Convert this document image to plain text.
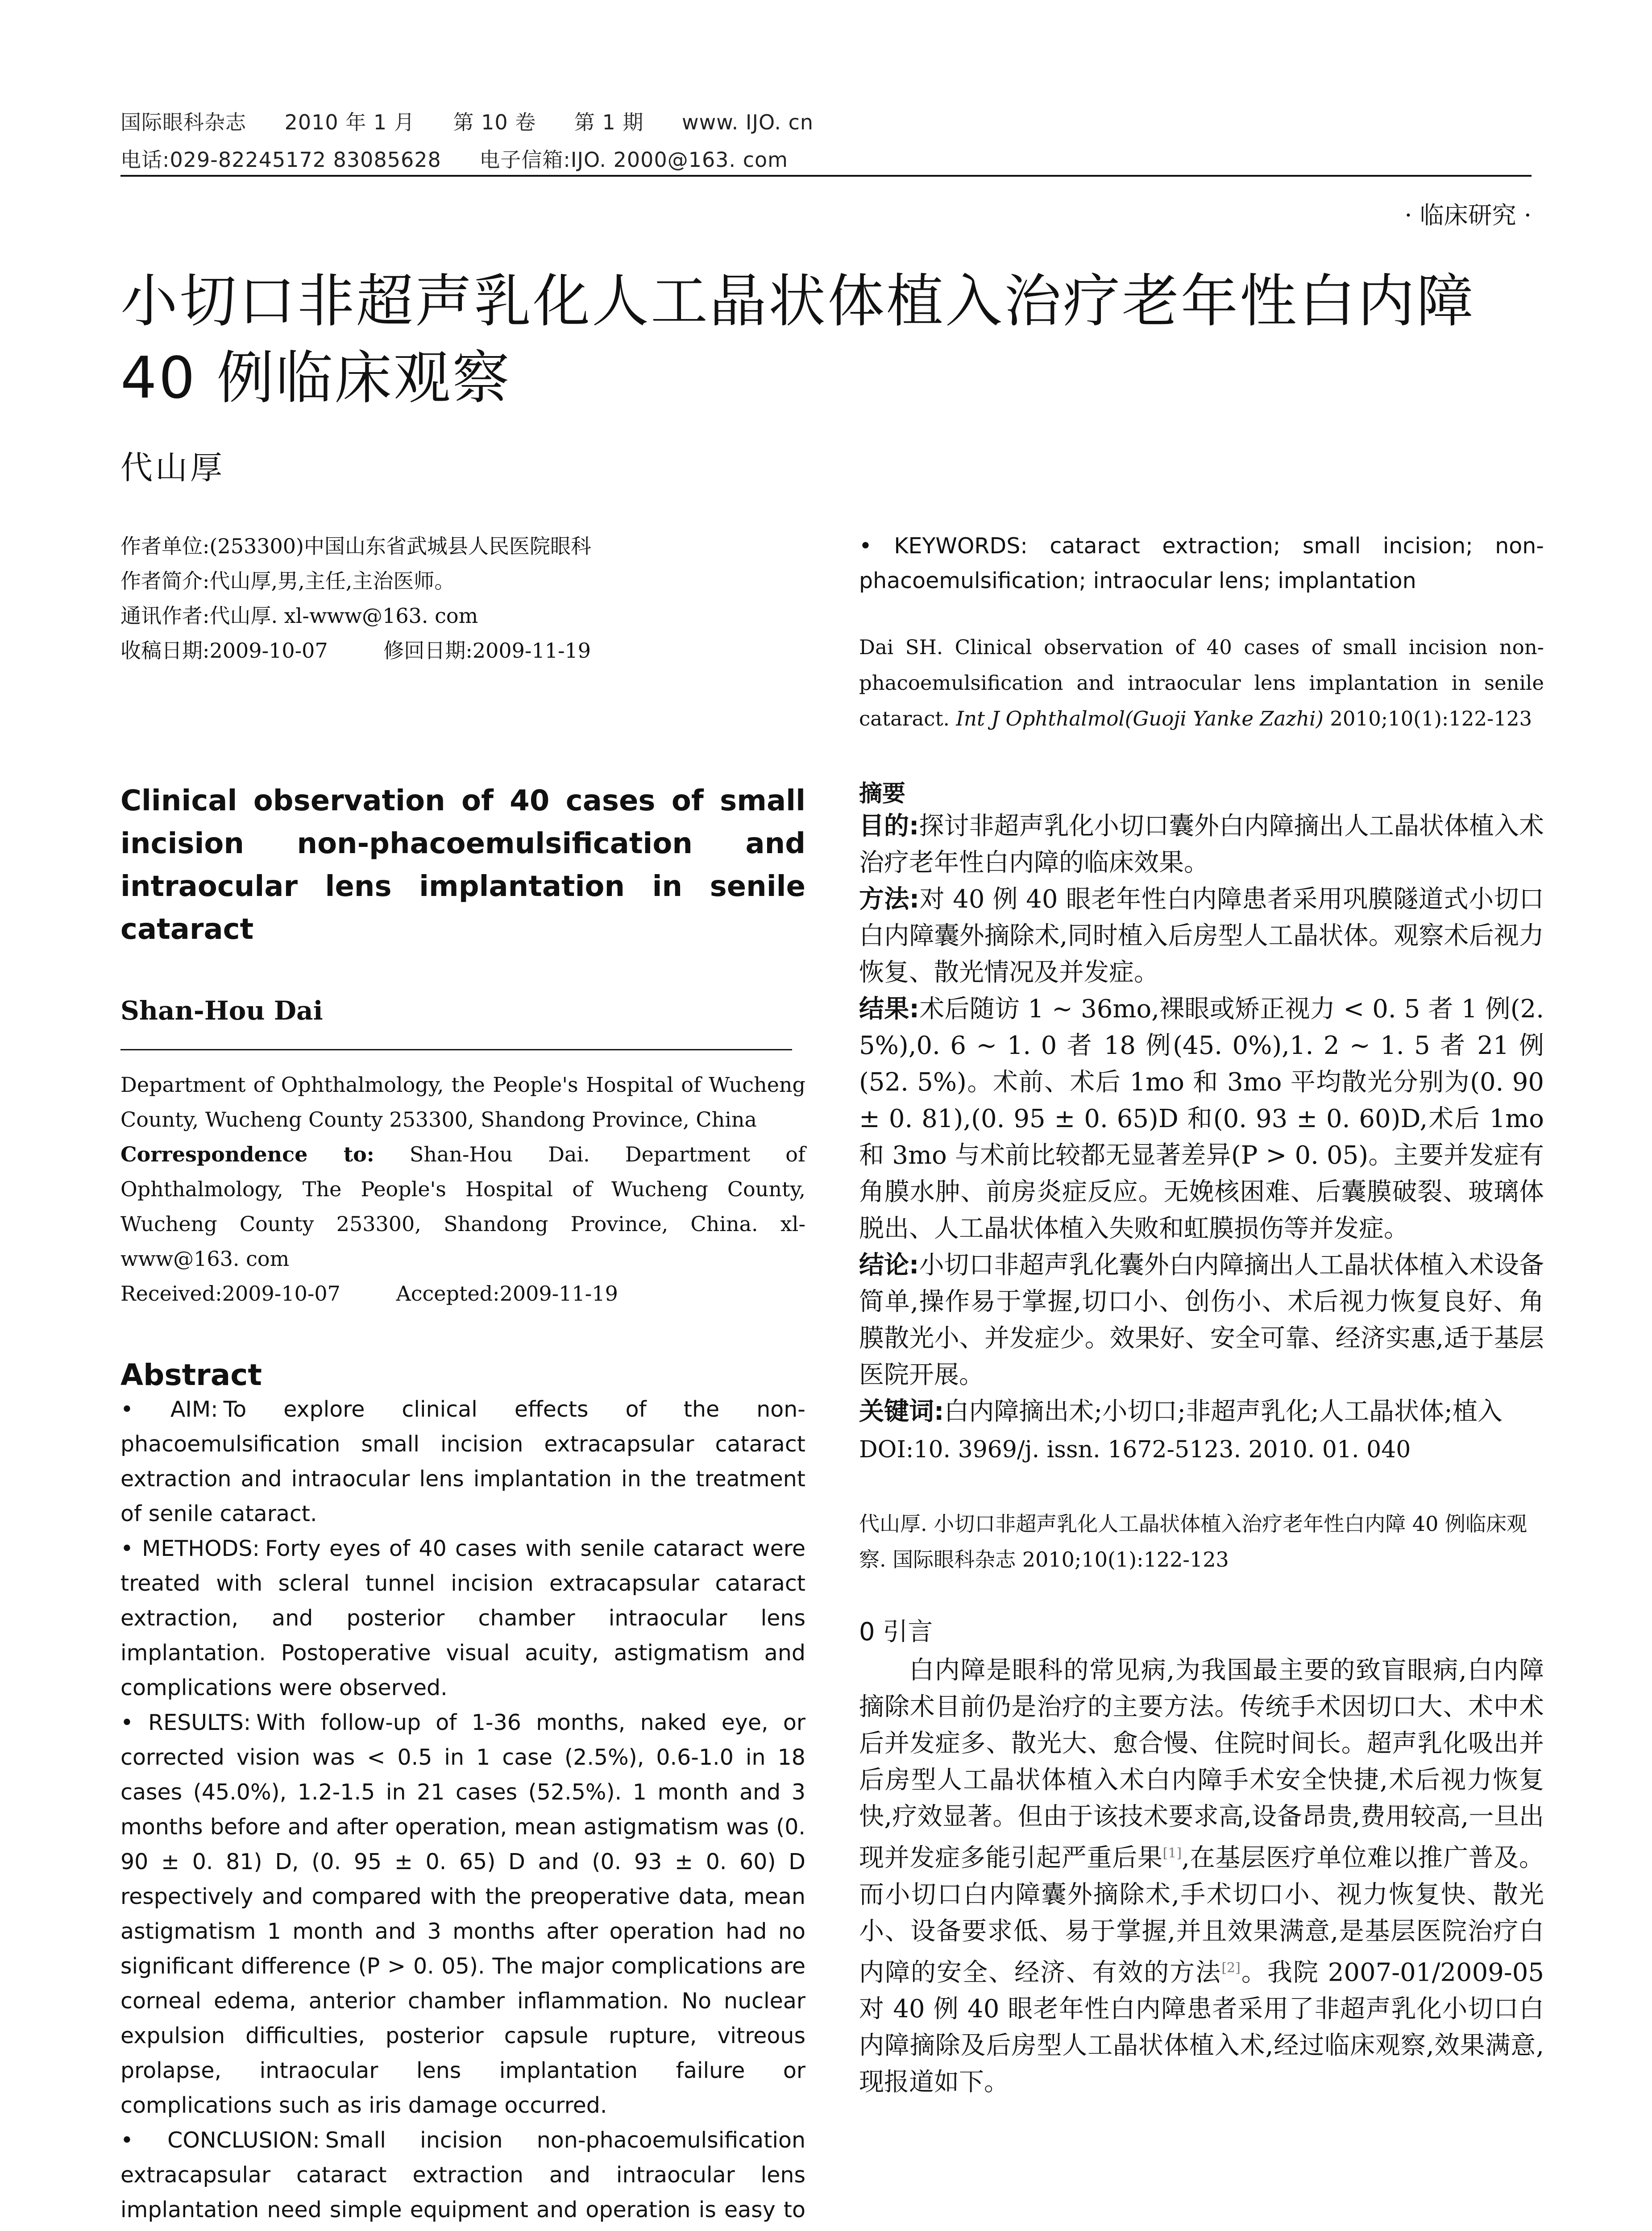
国际眼科杂志 2010 年 1 月 第 10 卷 第 1 期 www. IJO. cn
电话:029-82245172 83085628 电子信箱:IJO. 2000@163. com
· 临床研究 ·
小切口非超声乳化人工晶状体植入治疗老年性白内障 40 例临床观察
代山厚

作者单位:(253300)中国山东省武城县人民医院眼科

作者简介:代山厚,男,主任,主治医师。

通讯作者:代山厚. xl-www@163. com

收稿日期:2009-10-07	修回日期:2009-11-19

Clinical observation of 40 cases of small incision non-phacoemulsification and intraocular lens implantation in senile cataract
Shan-Hou Dai
Department of Ophthalmology, the People's Hospital of Wucheng County, Wucheng County 253300, Shandong Province, China
Correspondence to: Shan-Hou Dai. Department of Ophthalmology, The People's Hospital of Wucheng County, Wucheng County 253300, Shandong Province, China. xl-www@163. com
Received:2009-10-07	Accepted:2009-11-19
Abstract

• AIM: To explore clinical effects of the non-phacoemulsification small incision extracapsular cataract extraction and intraocular lens implantation in the treatment of senile cataract.

• METHODS: Forty eyes of 40 cases with senile cataract were treated with scleral tunnel incision extracapsular cataract extraction, and posterior chamber intraocular lens implantation. Postoperative visual acuity, astigmatism and complications were observed.

• RESULTS: With follow-up of 1-36 months, naked eye, or corrected vision was < 0.5 in 1 case (2.5%), 0.6-1.0 in 18 cases (45.0%), 1.2-1.5 in 21 cases (52.5%). 1 month and 3 months before and after operation, mean astigmatism was (0. 90 ± 0. 81) D, (0. 95 ± 0. 65) D and (0. 93 ± 0. 60) D respectively and compared with the preoperative data, mean astigmatism 1 month and 3 months after operation had no significant difference (P > 0. 05). The major complications are corneal edema, anterior chamber inflammation. No nuclear expulsion difficulties, posterior capsule rupture, vitreous prolapse, intraocular lens implantation failure or complications such as iris damage occurred.

• CONCLUSION: Small incision non-phacoemulsification extracapsular cataract extraction and intraocular lens implantation need simple equipment and operation is easy to

• KEYWORDS: cataract extraction; small incision; non-phacoemulsification; intraocular lens; implantation

Dai SH. Clinical observation of 40 cases of small incision non-phacoemulsification and intraocular lens implantation in senile cataract. Int J Ophthalmol(Guoji Yanke Zazhi) 2010;10(1):122-123
摘要

目的:探讨非超声乳化小切口囊外白内障摘出人工晶状体植入术治疗老年性白内障的临床效果。

方法:对 40 例 40 眼老年性白内障患者采用巩膜隧道式小切口白内障囊外摘除术,同时植入后房型人工晶状体。观察术后视力恢复、散光情况及并发症。

结果:术后随访 1 ~ 36mo,裸眼或矫正视力 < 0. 5 者 1 例(2. 5%),0. 6 ~ 1. 0 者 18 例(45. 0%),1. 2 ~ 1. 5 者 21 例(52. 5%)。术前、术后 1mo 和 3mo 平均散光分别为(0. 90 ± 0. 81),(0. 95 ± 0. 65)D 和(0. 93 ± 0. 60)D,术后 1mo 和 3mo 与术前比较都无显著差异(P > 0. 05)。主要并发症有角膜水肿、前房炎症反应。无娩核困难、后囊膜破裂、玻璃体脱出、人工晶状体植入失败和虹膜损伤等并发症。

结论:小切口非超声乳化囊外白内障摘出人工晶状体植入术设备简单,操作易于掌握,切口小、创伤小、术后视力恢复良好、角膜散光小、并发症少。效果好、安全可靠、经济实惠,适于基层医院开展。

关键词:白内障摘出术;小切口;非超声乳化;人工晶状体;植入

DOI:10. 3969/j. issn. 1672-5123. 2010. 01. 040
代山厚. 小切口非超声乳化人工晶状体植入治疗老年性白内障 40 例临床观察. 国际眼科杂志 2010;10(1):122-123
0 引言

白内障是眼科的常见病,为我国最主要的致盲眼病,白内障摘除术目前仍是治疗的主要方法。传统手术因切口大、术中术后并发症多、散光大、愈合慢、住院时间长。超声乳化吸出并后房型人工晶状体植入术白内障手术安全快捷,术后视力恢复快,疗效显著。但由于该技术要求高,设备昂贵,费用较高,一旦出现并发症多能引起严重后果[1],在基层医疗单位难以推广普及。而小切口白内障囊外摘除术,手术切口小、视力恢复快、散光小、设备要求低、易于掌握,并且效果满意,是基层医院治疗白内障的安全、经济、有效的方法[2]。我院 2007-01/2009-05 对 40 例 40 眼老年性白内障患者采用了非超声乳化小切口白内障摘除及后房型人工晶状体植入术,经过临床观察,效果满意,现报道如下。
